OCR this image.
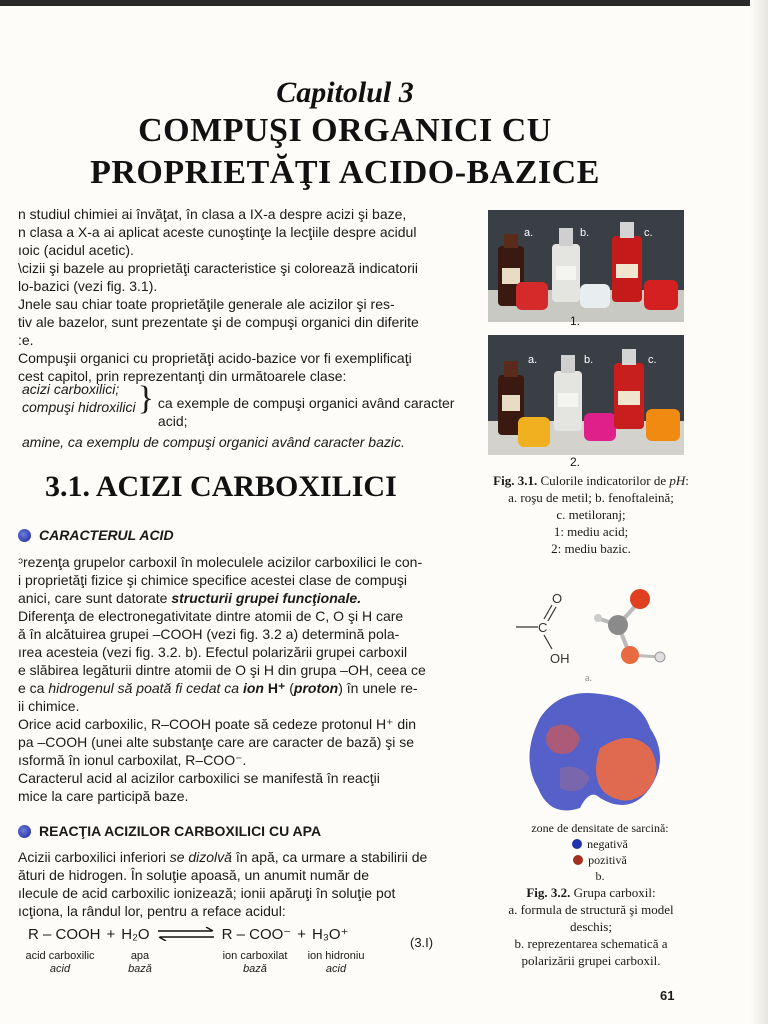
Capitolul 3
COMPUŞI ORGANICI CU
PROPRIETĂŢI ACIDO-BAZICE
n studiul chimiei ai învăţat, în clasa a IX-a despre acizi şi baze,
n clasa a X-a ai aplicat aceste cunoştinţe la lecţiile despre acidul
ıoic (acidul acetic).
\cizii şi bazele au proprietăţi caracteristice şi colorează indicatorii
lo-bazici (vezi fig. 3.1).
Jnele sau chiar toate proprietăţile generale ale acizilor şi res-
tiv ale bazelor, sunt prezentate şi de compuşi organici din diferite
:e.
Compuşii organici cu proprietăţi acido-bazice vor fi exemplificaţi
cest capitol, prin reprezentanţi din următoarele clase:
acizi carboxilici;
compuşi hidroxilici } ca exemple de compuşi organici având caracter acid;
amine, ca exemplu de compuşi organici având caracter bazic.
3.1. ACIZI CARBOXILICI
CARACTERUL ACID
ᵓrezenţa grupelor carboxil în moleculele acizilor carboxilici le con-
i proprietăţi fizice şi chimice specifice acestei clase de compuşi
anici, care sunt datorate structurii grupei funcţionale.
Diferenţa de electronegativitate dintre atomii de C, O şi H care
ă în alcătuirea grupei –COOH (vezi fig. 3.2 a) determină pola-
ırea acesteia (vezi fig. 3.2. b). Efectul polarizării grupei carboxil
e slăbirea legăturii dintre atomii de O şi H din grupa –OH, ceea ce
e ca hidrogenul să poată fi cedat ca ion H⁺ (proton) în unele re-
ii chimice.
Orice acid carboxilic, R–COOH poate să cedeze protonul H⁺ din
pa –COOH (unei alte substanţe care are caracter de bază) şi se
ısformă în ionul carboxilat, R–COO⁻.
Caracterul acid al acizilor carboxilici se manifestă în reacţii
mice la care participă baze.
REACŢIA ACIZILOR CARBOXILICI CU APA
Acizii carboxilici inferiori se dizolvă în apă, ca urmare a stabilirii de
ături de hidrogen. În soluţie apoasă, un anumit număr de
ılecule de acid carboxilic ionizează; ionii apăruţi în soluţie pot
ıcţiona, la rândul lor, pentru a reface acidul:
R – COOH + H₂O ⇌ R – COO⁻ + H₃O⁺	(3.I)
acid carboxilic
acid
apa
bază
ion carboxilat
bază
ion hidroniu
acid
a.	b.	c.
1.
a.	b.	c.
2.
Fig. 3.1. Culorile indicatorilor de pH:
a. roşu de metil; b. fenoftaleină;
c. metiloranj;
1: mediu acid;
2: mediu bazic.
C
O
OH
a.
zone de densitate de sarcină:
negativă
pozitivă
b.
Fig. 3.2. Grupa carboxil:
a. formula de structură şi model
deschis;
b. reprezentarea schematică a
polarizării grupei carboxil.
61
